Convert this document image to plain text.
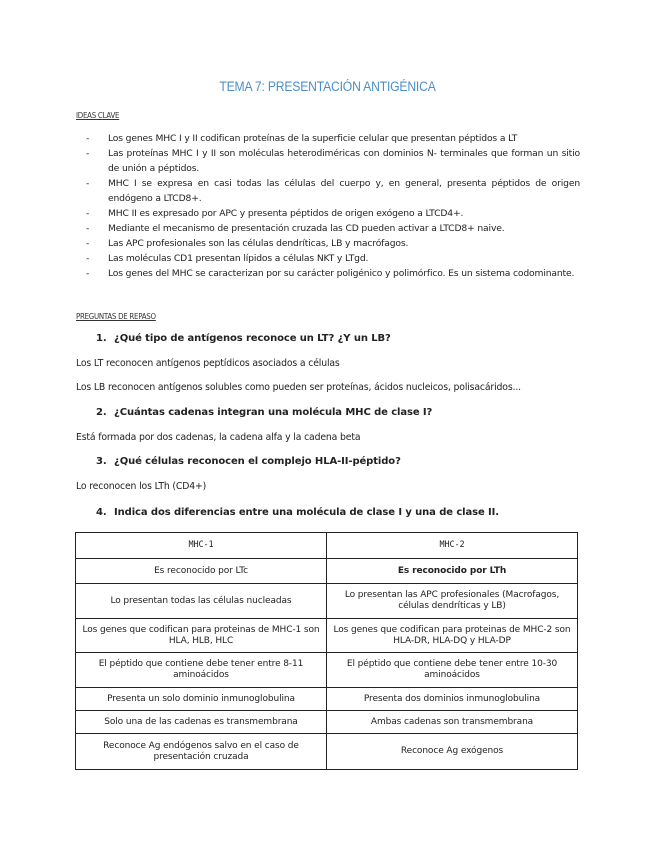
TEMA 7: PRESENTACIÓN ANTIGÉNICA
IDEAS CLAVE
- Los genes MHC I y II codifican proteínas de la superficie celular que presentan péptidos a LT
- Las proteínas MHC I y II son moléculas heterodiméricas con dominios N- terminales que forman un sitio de unión a péptidos.
- MHC I se expresa en casi todas las células del cuerpo y, en general, presenta péptidos de origen endógeno a LTCD8+.
- MHC II es expresado por APC y presenta péptidos de origen exógeno a LTCD4+.
- Mediante el mecanismo de presentación cruzada las CD pueden activar a LTCD8+ naive.
- Las APC profesionales son las células dendríticas, LB y macrófagos.
- Las moléculas CD1 presentan lípidos a células NKT y LTgd.
- Los genes del MHC se caracterizan por su carácter poligénico y polimórfico. Es un sistema codominante.
PREGUNTAS DE REPASO
1. ¿Qué tipo de antígenos reconoce un LT? ¿Y un LB?
Los LT reconocen antígenos peptídicos asociados a células
Los LB reconocen antígenos solubles como pueden ser proteínas, ácidos nucleicos, polisacáridos...
2. ¿Cuántas cadenas integran una molécula MHC de clase I?
Está formada por dos cadenas, la cadena alfa y la cadena beta
3. ¿Qué células reconocen el complejo HLA-II-péptido?
Lo reconocen los LTh (CD4+)
4. Indica dos diferencias entre una molécula de clase I y una de clase II.
MHC-1	MHC-2
Es reconocido por LTc	Es reconocido por LTh
Lo presentan todas las células nucleadas	Lo presentan las APC profesionales (Macrofagos, células dendríticas y LB)
Los genes que codifican para proteinas de MHC-1 son HLA, HLB, HLC	Los genes que codifican para proteinas de MHC-2 son HLA-DR, HLA-DQ y HLA-DP
El péptido que contiene debe tener entre 8-11 aminoácidos	El péptido que contiene debe tener entre 10-30 aminoácidos
Presenta un solo dominio inmunoglobulina	Presenta dos dominios inmunoglobulina
Solo una de las cadenas es transmembrana	Ambas cadenas son transmembrana
Reconoce Ag endógenos salvo en el caso de presentación cruzada	Reconoce Ag exógenos
